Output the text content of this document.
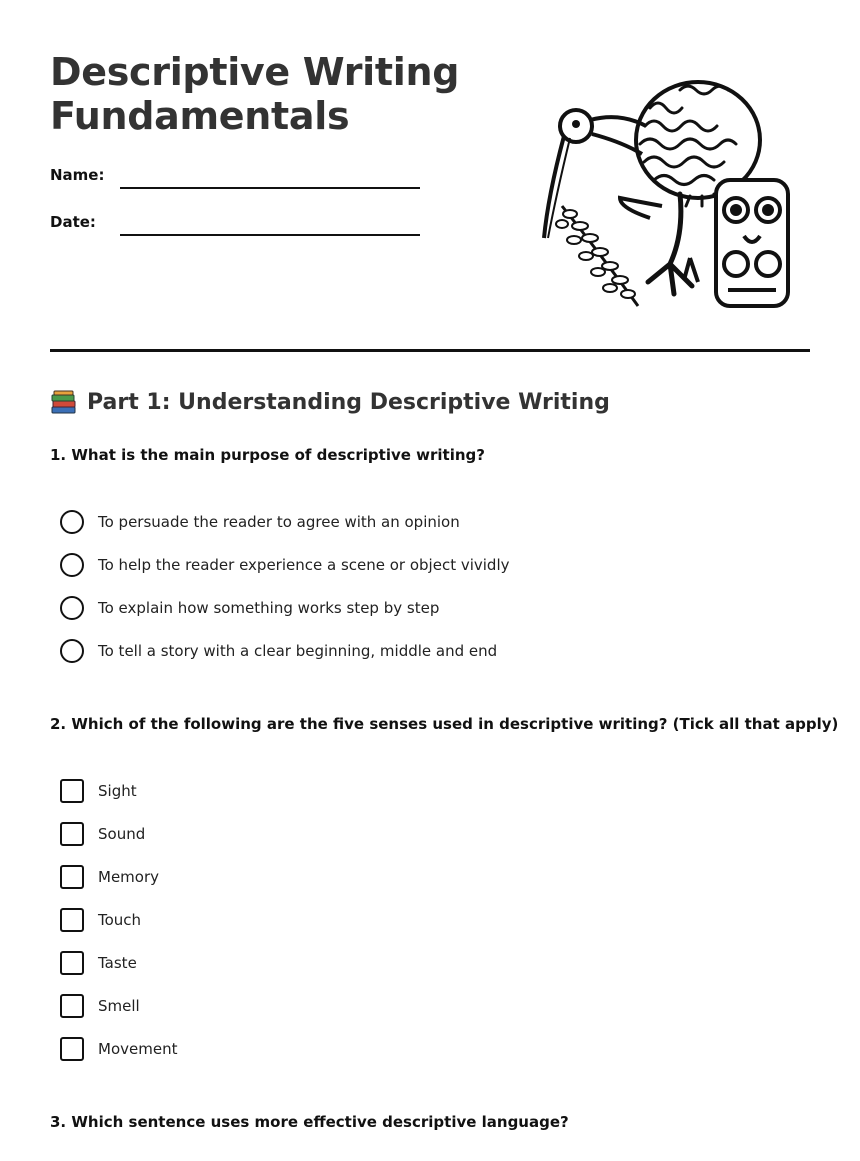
Descriptive Writing
Fundamentals
Name:
Date:
Part 1: Understanding Descriptive Writing
1. What is the main purpose of descriptive writing?
To persuade the reader to agree with an opinion
To help the reader experience a scene or object vividly
To explain how something works step by step
To tell a story with a clear beginning, middle and end
2. Which of the following are the five senses used in descriptive writing? (Tick all that apply)
Sight
Sound
Memory
Touch
Taste
Smell
Movement
3. Which sentence uses more effective descriptive language?
